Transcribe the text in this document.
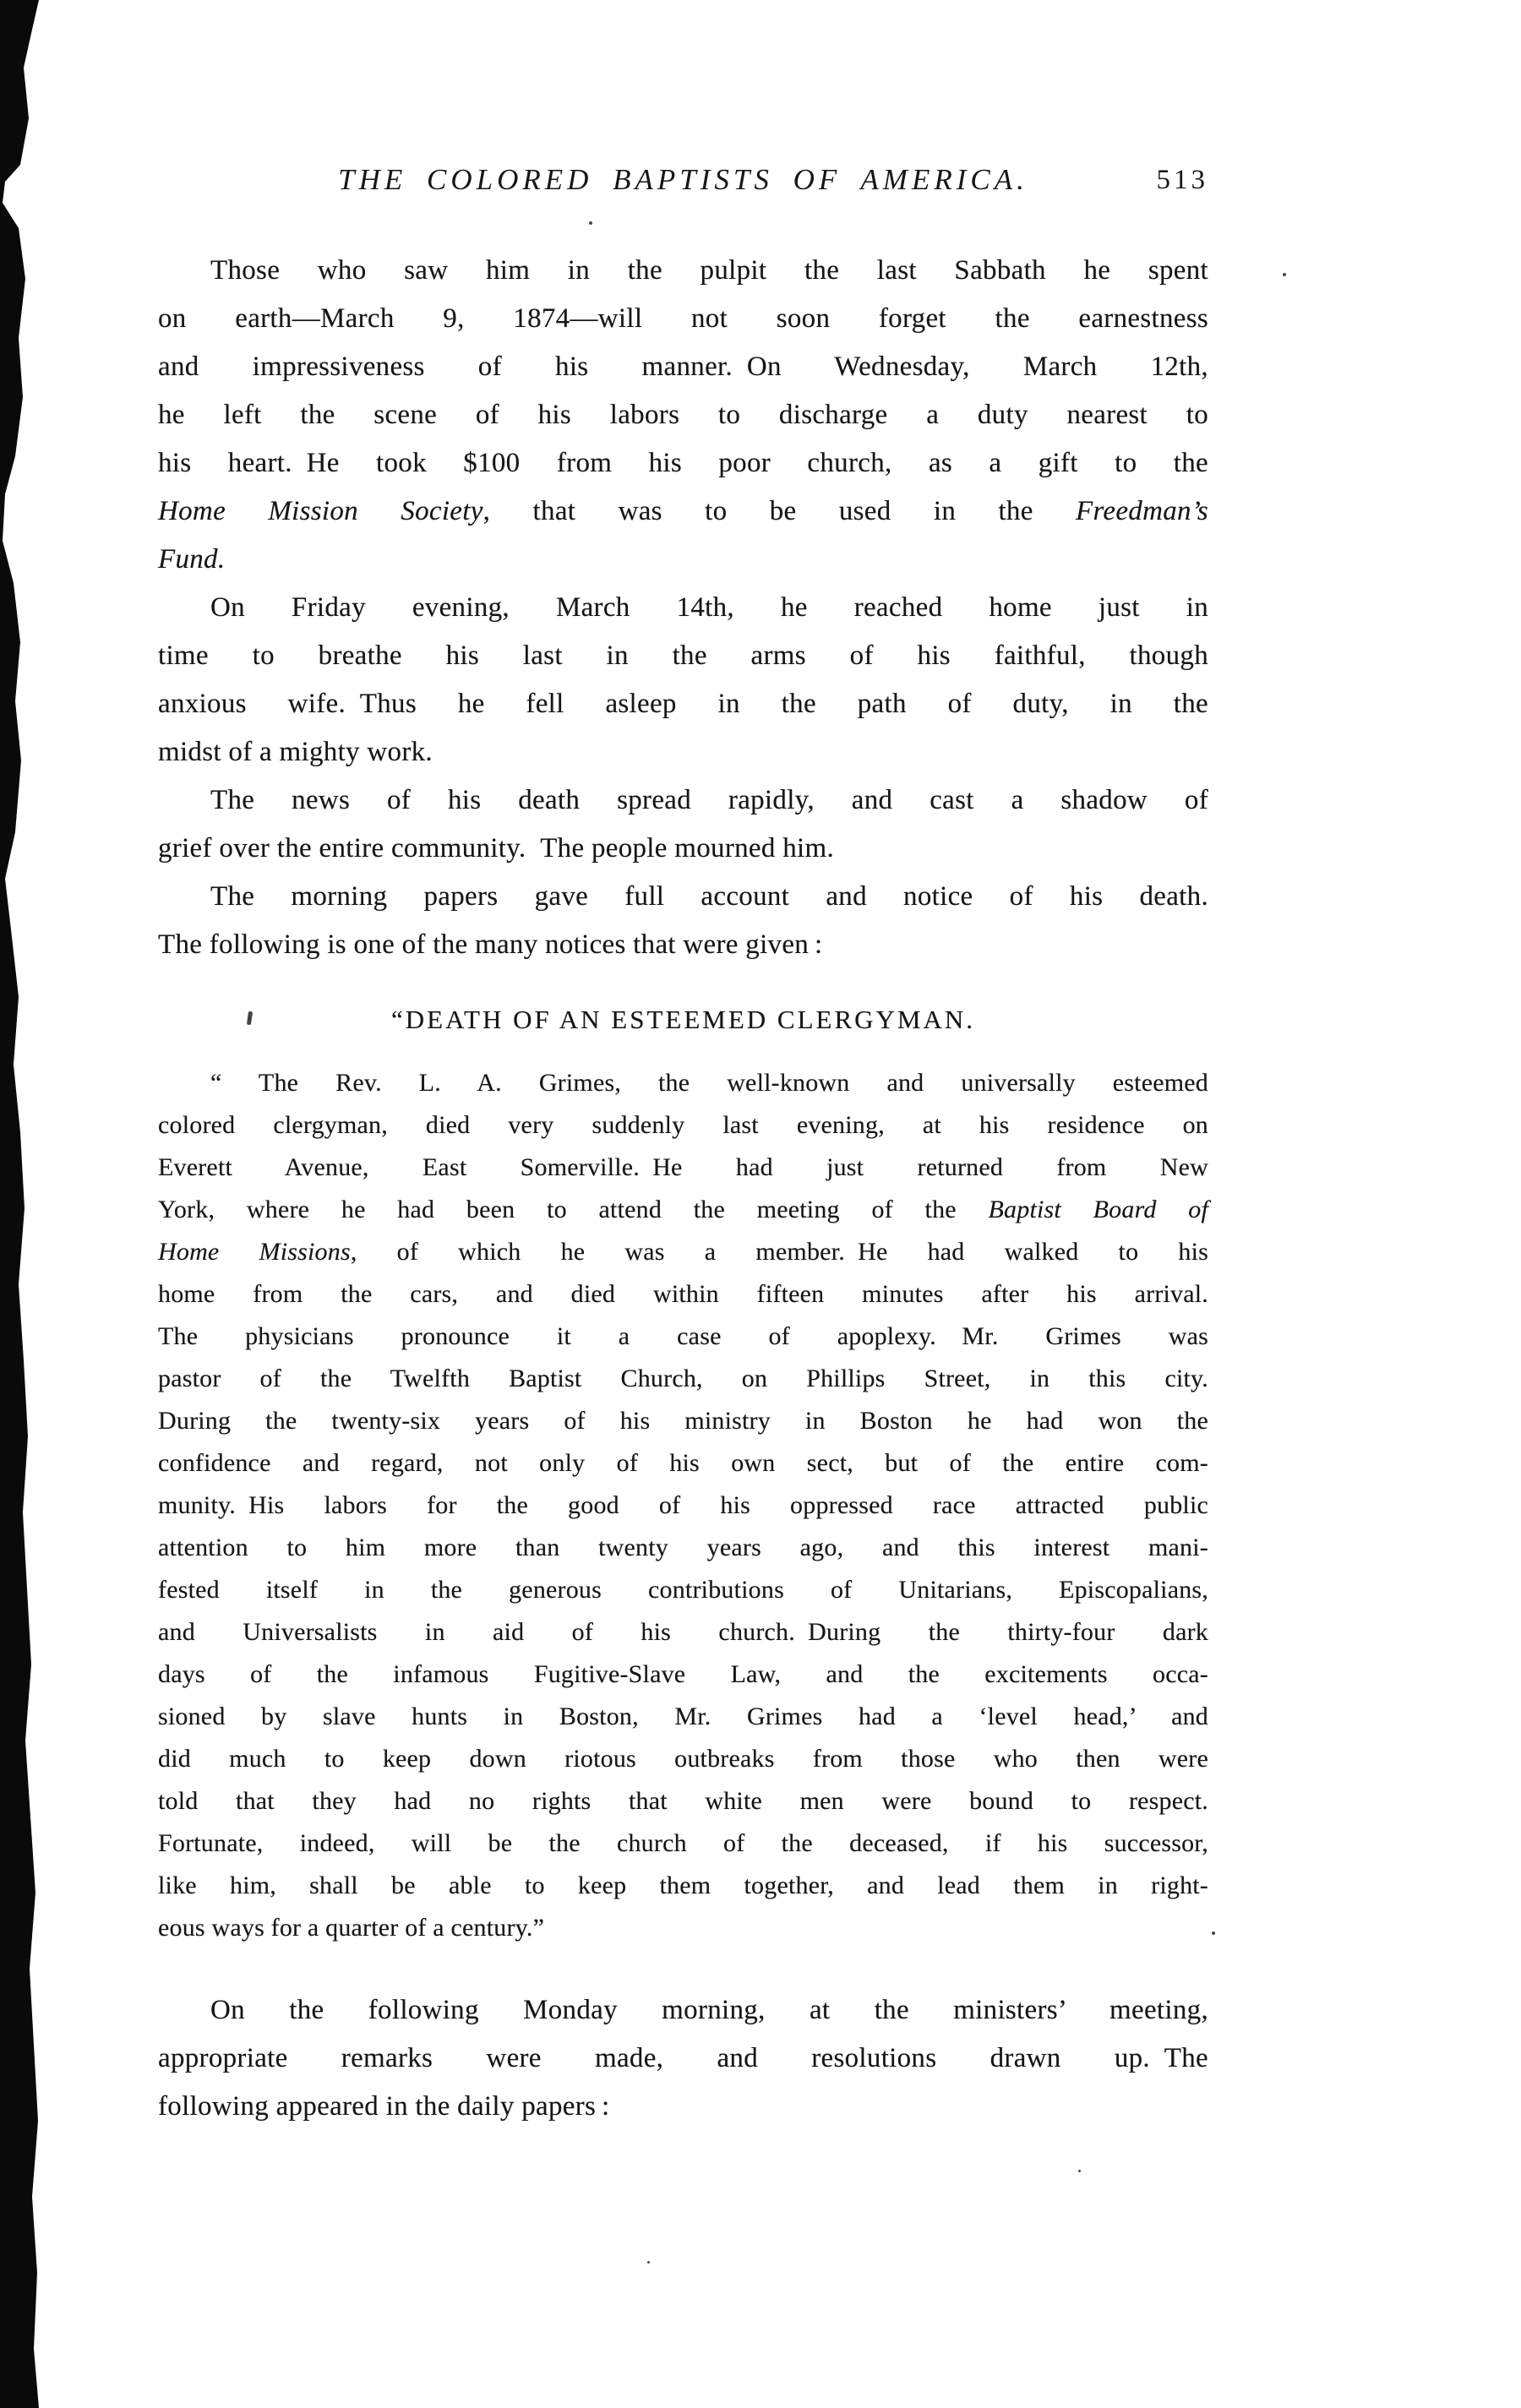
THE COLORED BAPTISTS OF AMERICA.	513
Those who saw him in the pulpit the last Sabbath he spent
on earth—March 9, 1874—will not soon forget the earnestness
and impressiveness of his manner. On Wednesday, March 12th,
he left the scene of his labors to discharge a duty nearest to
his heart. He took $100 from his poor church, as a gift to the
Home Mission Society, that was to be used in the Freedman’s
Fund.
On Friday evening, March 14th, he reached home just in
time to breathe his last in the arms of his faithful, though
anxious wife. Thus he fell asleep in the path of duty, in the
midst of a mighty work.
The news of his death spread rapidly, and cast a shadow of
grief over the entire community. The people mourned him.
The morning papers gave full account and notice of his death.
The following is one of the many notices that were given :
“DEATH OF AN ESTEEMED CLERGYMAN.
“ The Rev. L. A. Grimes, the well-known and universally esteemed
colored clergyman, died very suddenly last evening, at his residence on
Everett Avenue, East Somerville. He had just returned from New
York, where he had been to attend the meeting of the Baptist Board of
Home Missions, of which he was a member. He had walked to his
home from the cars, and died within fifteen minutes after his arrival.
The physicians pronounce it a case of apoplexy.  Mr. Grimes was
pastor of the Twelfth Baptist Church, on Phillips Street, in this city.
During the twenty-six years of his ministry in Boston he had won the
confidence and regard, not only of his own sect, but of the entire com-
munity. His labors for the good of his oppressed race attracted public
attention to him more than twenty years ago, and this interest mani-
fested itself in the generous contributions of Unitarians, Episcopalians,
and Universalists in aid of his church. During the thirty-four dark
days of the infamous Fugitive-Slave Law, and the excitements occa-
sioned by slave hunts in Boston, Mr. Grimes had a ‘level head,’ and
did much to keep down riotous outbreaks from those who then were
told that they had no rights that white men were bound to respect.
Fortunate, indeed, will be the church of the deceased, if his successor,
like him, shall be able to keep them together, and lead them in right-
eous ways for a quarter of a century.”
On the following Monday morning, at the ministers’ meeting,
appropriate remarks were made, and resolutions drawn up. The
following appeared in the daily papers :
